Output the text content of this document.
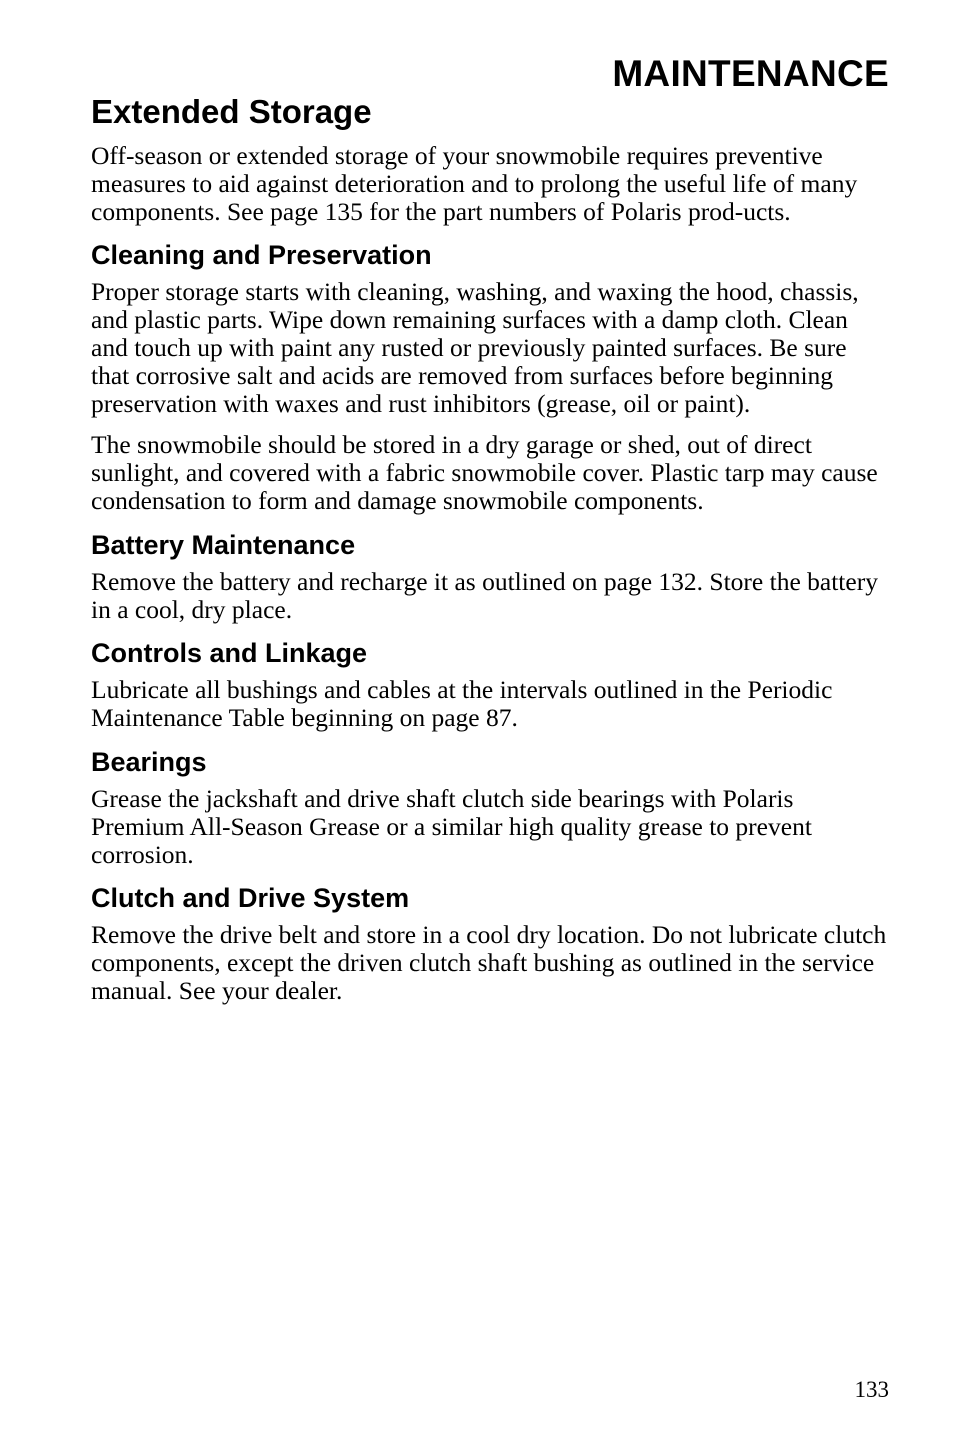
MAINTENANCE
Extended Storage

Off-season or extended storage of your snowmobile requires preventive measures to aid against deterioration and to prolong the useful life of many components. See page 135 for the part numbers of Polaris prod-ucts.

Cleaning and Preservation

Proper storage starts with cleaning, washing, and waxing the hood, chassis, and plastic parts. Wipe down remaining surfaces with a damp cloth. Clean and touch up with paint any rusted or previously painted surfaces. Be sure that corrosive salt and acids are removed from surfaces before beginning preservation with waxes and rust inhibitors (grease, oil or paint).

The snowmobile should be stored in a dry garage or shed, out of direct sunlight, and covered with a fabric snowmobile cover. Plastic tarp may cause condensation to form and damage snowmobile components.

Battery Maintenance

Remove the battery and recharge it as outlined on page 132. Store the battery in a cool, dry place.

Controls and Linkage

Lubricate all bushings and cables at the intervals outlined in the Periodic Maintenance Table beginning on page 87.

Bearings

Grease the jackshaft and drive shaft clutch side bearings with Polaris Premium All-Season Grease or a similar high quality grease to prevent corrosion.

Clutch and Drive System

Remove the drive belt and store in a cool dry location. Do not lubricate clutch components, except the driven clutch shaft bushing as outlined in the service manual. See your dealer.

133
